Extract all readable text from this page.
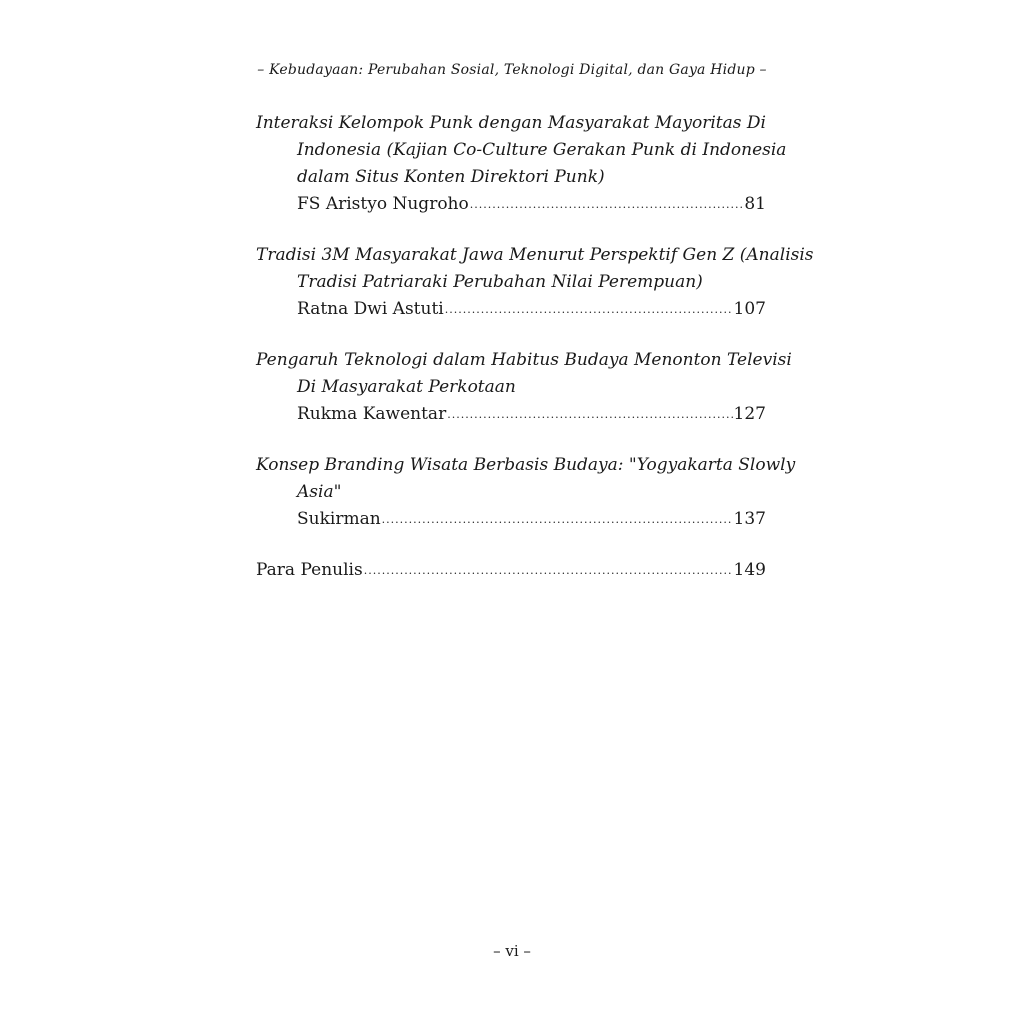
– Kebudayaan: Perubahan Sosial, Teknologi Digital, dan Gaya Hidup –
Interaksi Kelompok Punk dengan Masyarakat Mayoritas Di
Indonesia (Kajian Co-Culture Gerakan Punk di Indonesia
dalam Situs Konten Direktori Punk)
FS Aristyo Nugroho .....	81
Tradisi 3M Masyarakat Jawa Menurut Perspektif Gen Z (Analisis
Tradisi Patriaraki Perubahan Nilai Perempuan)
Ratna Dwi Astuti .....	107
Pengaruh Teknologi dalam Habitus Budaya Menonton Televisi
Di Masyarakat Perkotaan
Rukma Kawentar .....	127
Konsep Branding Wisata Berbasis Budaya: "Yogyakarta Slowly
Asia"
Sukirman .....	137
Para Penulis .....	149
– vi –
